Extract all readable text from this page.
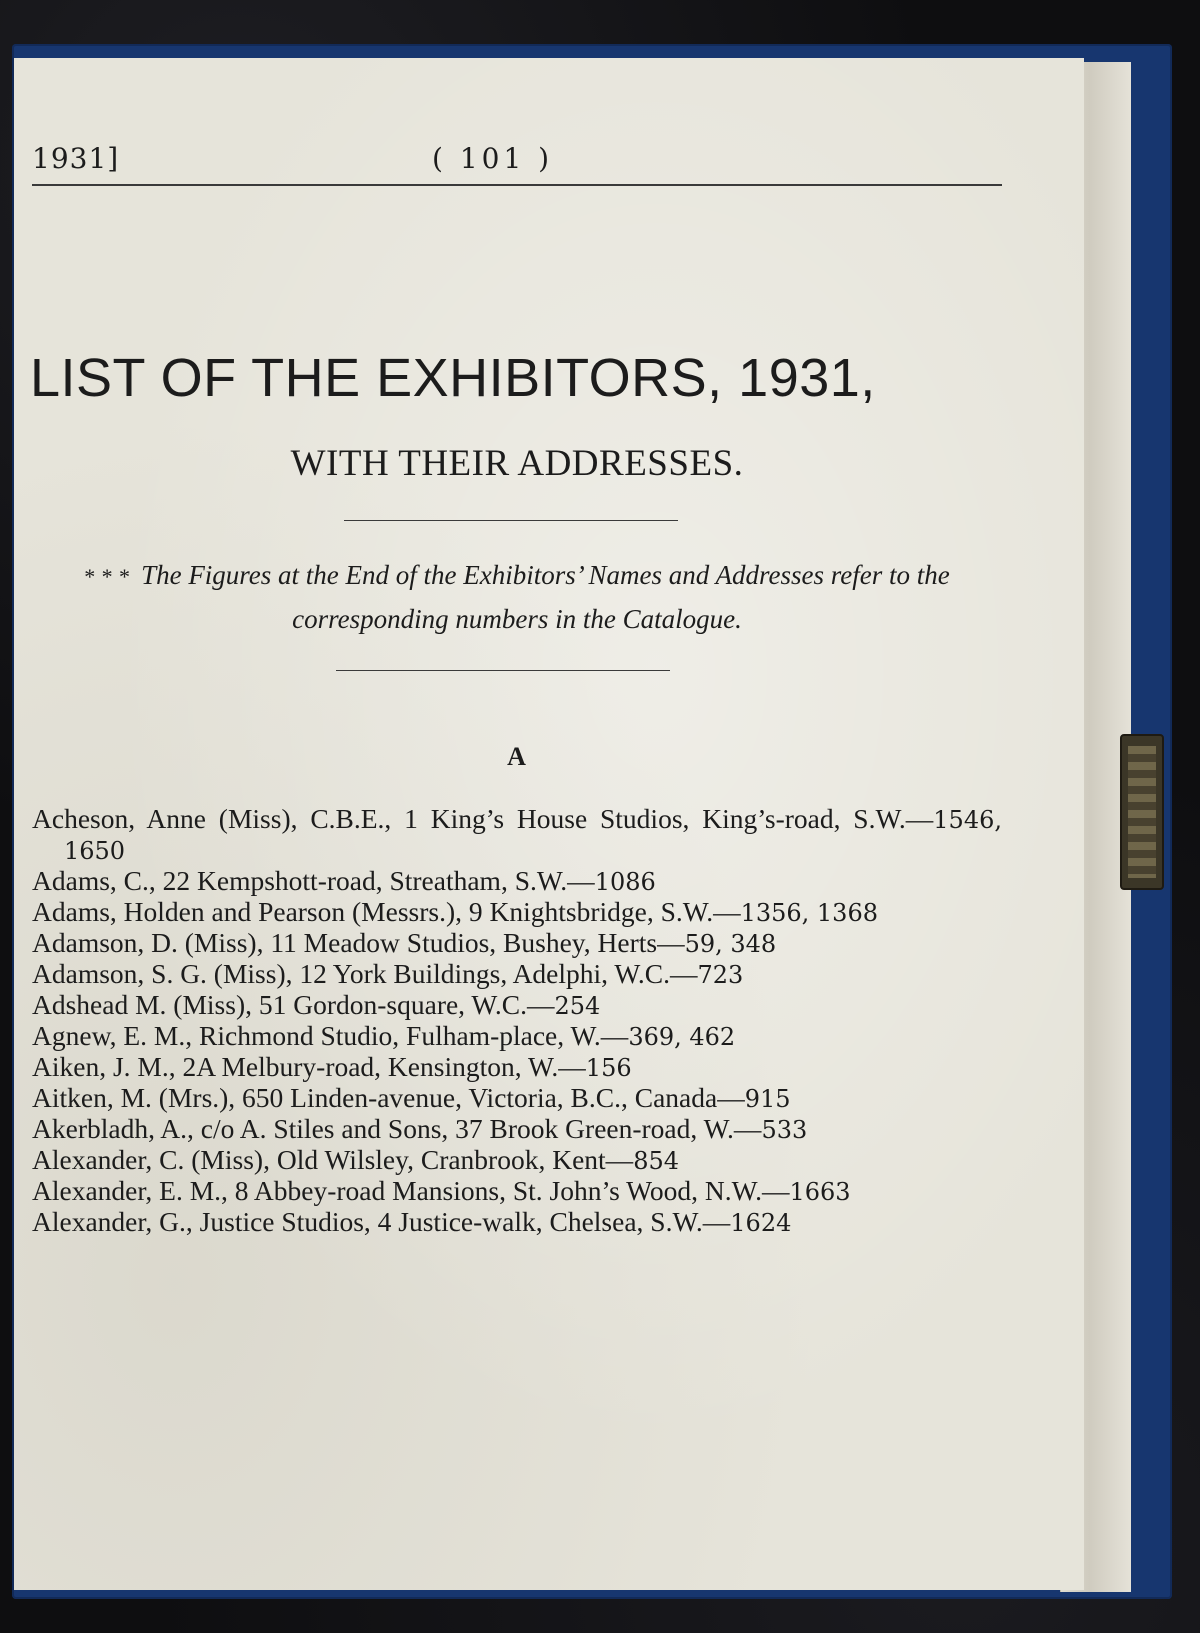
1931]	( 101 )
LIST OF THE EXHIBITORS, 1931,
WITH THEIR ADDRESSES.
* * * The Figures at the End of the Exhibitors’ Names and Addresses refer to the corresponding numbers in the Catalogue.
A
Acheson, Anne (Miss), C.B.E., 1 King’s House Studios, King’s-road, S.W.—1546, 1650
Adams, C., 22 Kempshott-road, Streatham, S.W.—1086
Adams, Holden and Pearson (Messrs.), 9 Knightsbridge, S.W.—1356, 1368
Adamson, D. (Miss), 11 Meadow Studios, Bushey, Herts—59, 348
Adamson, S. G. (Miss), 12 York Buildings, Adelphi, W.C.—723
Adshead M. (Miss), 51 Gordon-square, W.C.—254
Agnew, E. M., Richmond Studio, Fulham-place, W.—369, 462
Aiken, J. M., 2A Melbury-road, Kensington, W.—156
Aitken, M. (Mrs.), 650 Linden-avenue, Victoria, B.C., Canada—915
Akerbladh, A., c/o A. Stiles and Sons, 37 Brook Green-road, W.—533
Alexander, C. (Miss), Old Wilsley, Cranbrook, Kent—854
Alexander, E. M., 8 Abbey-road Mansions, St. John’s Wood, N.W.—1663
Alexander, G., Justice Studios, 4 Justice-walk, Chelsea, S.W.—1624
